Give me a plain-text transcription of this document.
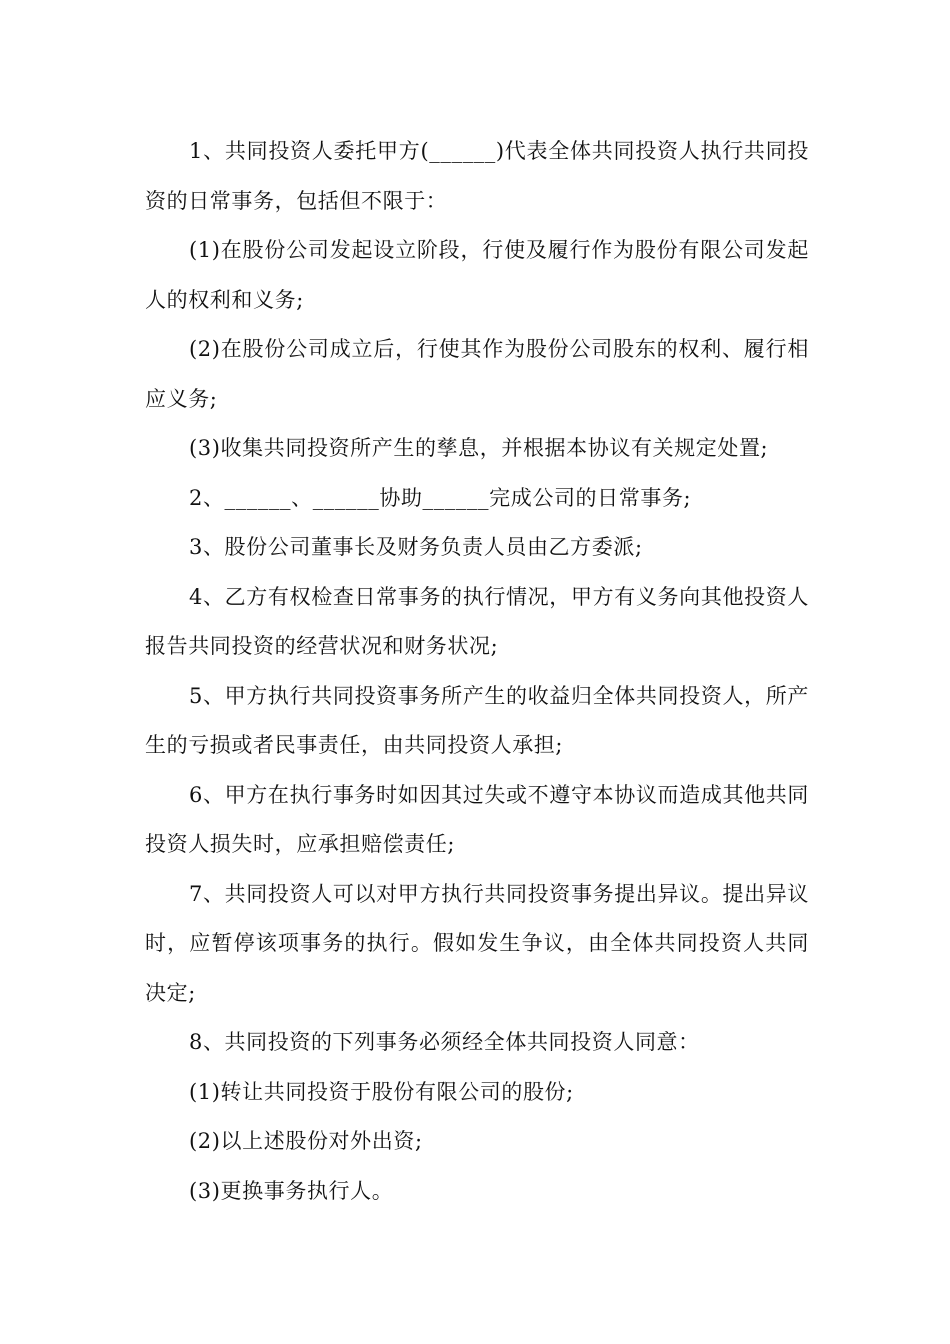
1、共同投资人委托甲方(______)代表全体共同投资人执行共同投资的日常事务，包括但不限于：

(1)在股份公司发起设立阶段，行使及履行作为股份有限公司发起人的权利和义务;

(2)在股份公司成立后，行使其作为股份公司股东的权利、履行相应义务;

(3)收集共同投资所产生的孳息，并根据本协议有关规定处置;

2、______、______协助______完成公司的日常事务;

3、股份公司董事长及财务负责人员由乙方委派;

4、乙方有权检查日常事务的执行情况，甲方有义务向其他投资人报告共同投资的经营状况和财务状况;

5、甲方执行共同投资事务所产生的收益归全体共同投资人，所产生的亏损或者民事责任，由共同投资人承担;

6、甲方在执行事务时如因其过失或不遵守本协议而造成其他共同投资人损失时，应承担赔偿责任;

7、共同投资人可以对甲方执行共同投资事务提出异议。提出异议时，应暂停该项事务的执行。假如发生争议，由全体共同投资人共同决定;

8、共同投资的下列事务必须经全体共同投资人同意：

(1)转让共同投资于股份有限公司的股份;

(2)以上述股份对外出资;

(3)更换事务执行人。
